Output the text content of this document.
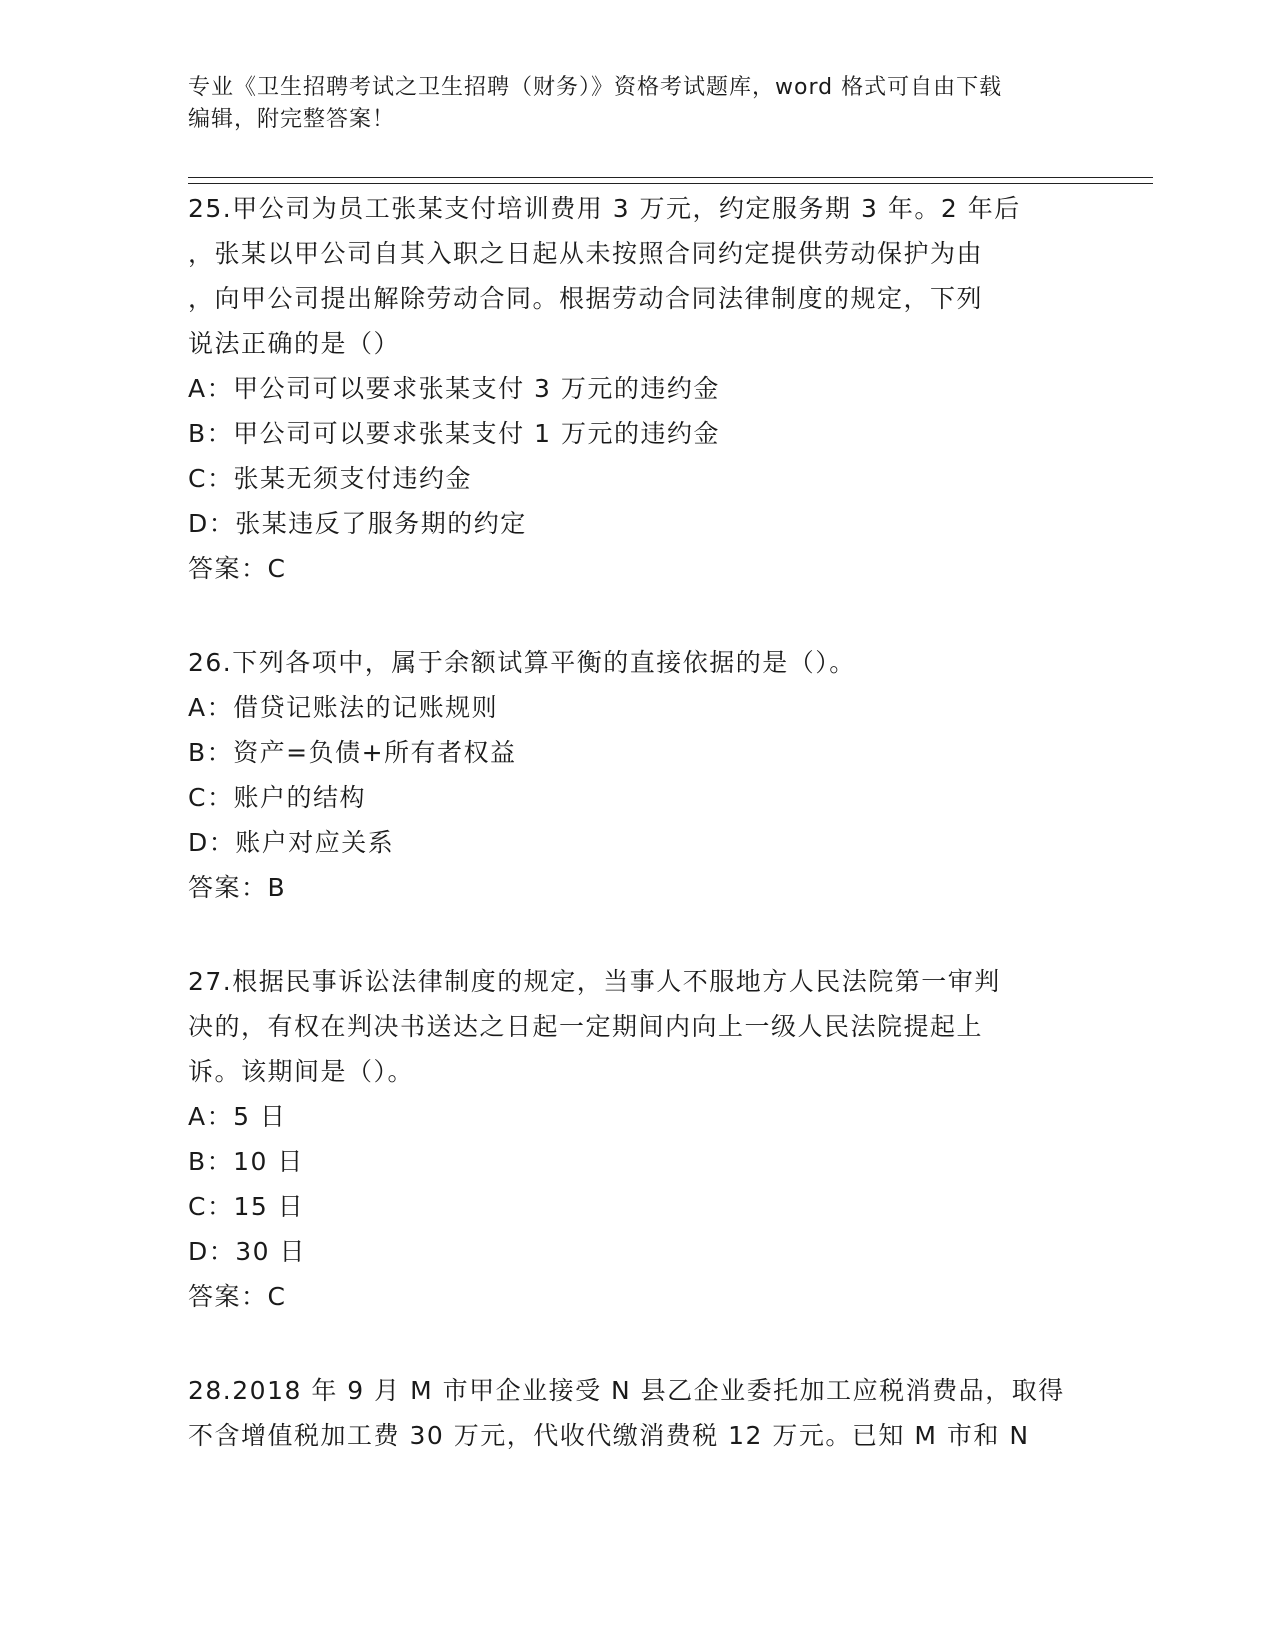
专业《卫生招聘考试之卫生招聘（财务）》资格考试题库，word 格式可自由下载
编辑，附完整答案！
25.甲公司为员工张某支付培训费用 3 万元，约定服务期 3 年。2 年后
，张某以甲公司自其入职之日起从未按照合同约定提供劳动保护为由
，向甲公司提出解除劳动合同。根据劳动合同法律制度的规定，下列
说法正确的是（）
A：甲公司可以要求张某支付 3 万元的违约金
B：甲公司可以要求张某支付 1 万元的违约金
C：张某无须支付违约金
D：张某违反了服务期的约定
答案：C
26.下列各项中，属于余额试算平衡的直接依据的是（）。
A：借贷记账法的记账规则
B：资产=负债+所有者权益
C：账户的结构
D：账户对应关系
答案：B
27.根据民事诉讼法律制度的规定，当事人不服地方人民法院第一审判
决的，有权在判决书送达之日起一定期间内向上一级人民法院提起上
诉。该期间是（）。
A：5 日
B：10 日
C：15 日
D：30 日
答案：C
28.2018 年 9 月 M 市甲企业接受 N 县乙企业委托加工应税消费品，取得
不含增值税加工费 30 万元，代收代缴消费税 12 万元。已知 M 市和 N
